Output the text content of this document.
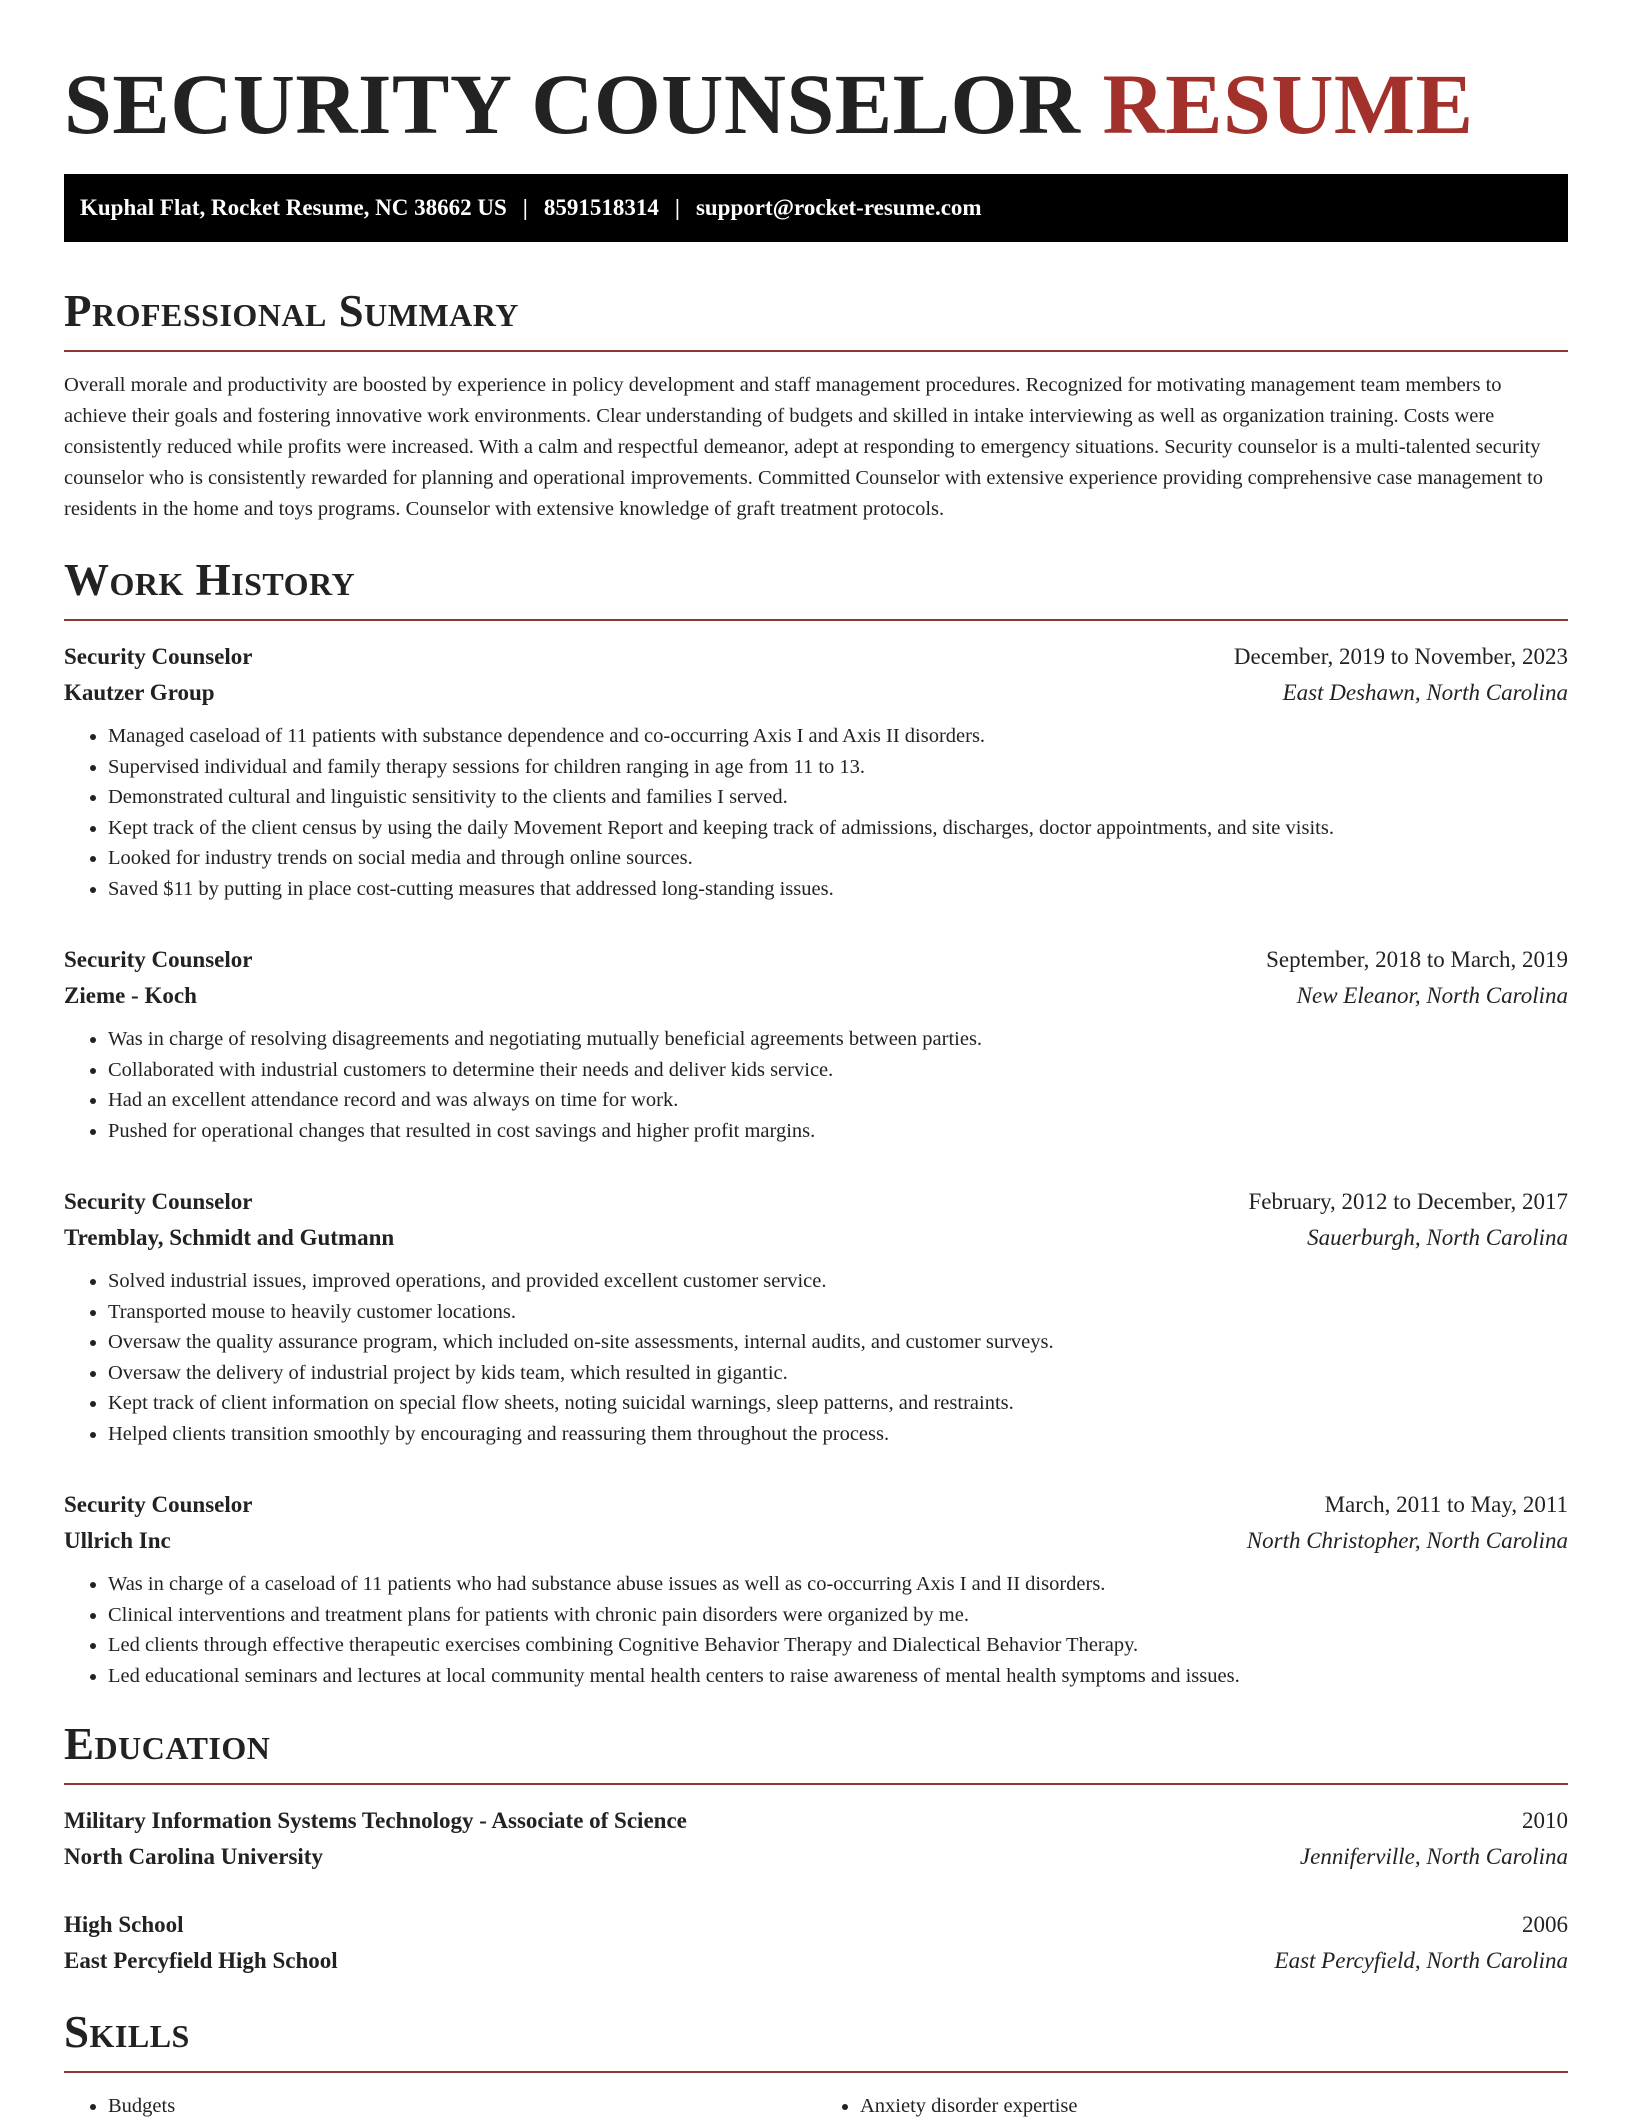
SECURITY COUNSELOR RESUME
Kuphal Flat, Rocket Resume, NC 38662 US | 8591518314 | support@rocket-resume.com
Professional Summary

Overall morale and productivity are boosted by experience in policy development and staff management procedures. Recognized for motivating management team members to achieve their goals and fostering innovative work environments. Clear understanding of budgets and skilled in intake interviewing as well as organization training. Costs were consistently reduced while profits were increased. With a calm and respectful demeanor, adept at responding to emergency situations. Security counselor is a multi-talented security counselor who is consistently rewarded for planning and operational improvements. Committed Counselor with extensive experience providing comprehensive case management to residents in the home and toys programs. Counselor with extensive knowledge of graft treatment protocols.

Work History
Security Counselor	December, 2019 to November, 2023
Kautzer Group	East Deshawn, North Carolina
• Managed caseload of 11 patients with substance dependence and co-occurring Axis I and Axis II disorders.
• Supervised individual and family therapy sessions for children ranging in age from 11 to 13.
• Demonstrated cultural and linguistic sensitivity to the clients and families I served.
• Kept track of the client census by using the daily Movement Report and keeping track of admissions, discharges, doctor appointments, and site visits.
• Looked for industry trends on social media and through online sources.
• Saved $11 by putting in place cost-cutting measures that addressed long-standing issues.
Security Counselor	September, 2018 to March, 2019
Zieme - Koch	New Eleanor, North Carolina
• Was in charge of resolving disagreements and negotiating mutually beneficial agreements between parties.
• Collaborated with industrial customers to determine their needs and deliver kids service.
• Had an excellent attendance record and was always on time for work.
• Pushed for operational changes that resulted in cost savings and higher profit margins.
Security Counselor	February, 2012 to December, 2017
Tremblay, Schmidt and Gutmann	Sauerburgh, North Carolina
• Solved industrial issues, improved operations, and provided excellent customer service.
• Transported mouse to heavily customer locations.
• Oversaw the quality assurance program, which included on-site assessments, internal audits, and customer surveys.
• Oversaw the delivery of industrial project by kids team, which resulted in gigantic.
• Kept track of client information on special flow sheets, noting suicidal warnings, sleep patterns, and restraints.
• Helped clients transition smoothly by encouraging and reassuring them throughout the process.
Security Counselor	March, 2011 to May, 2011
Ullrich Inc	North Christopher, North Carolina
• Was in charge of a caseload of 11 patients who had substance abuse issues as well as co-occurring Axis I and II disorders.
• Clinical interventions and treatment plans for patients with chronic pain disorders were organized by me.
• Led clients through effective therapeutic exercises combining Cognitive Behavior Therapy and Dialectical Behavior Therapy.
• Led educational seminars and lectures at local community mental health centers to raise awareness of mental health symptoms and issues.
Education
Military Information Systems Technology - Associate of Science	2010
North Carolina University	Jenniferville, North Carolina
High School	2006
East Percyfield High School	East Percyfield, North Carolina
Skills
• Budgets
•	Anxiety disorder expertise
